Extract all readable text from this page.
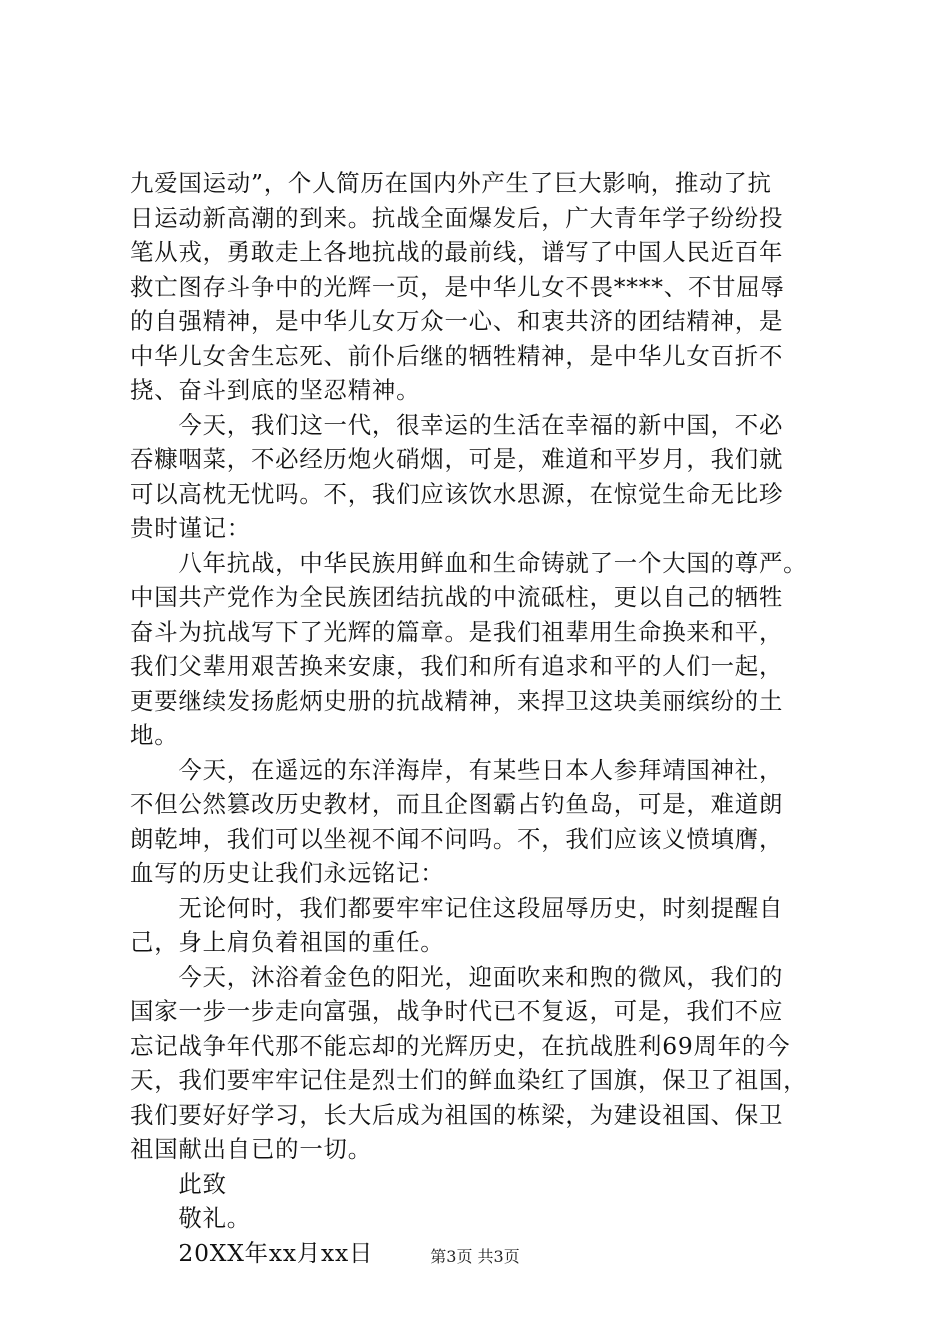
九爱国运动”，个人简历在国内外产生了巨大影响，推动了抗
日运动新高潮的到来。抗战全面爆发后，广大青年学子纷纷投
笔从戎，勇敢走上各地抗战的最前线，谱写了中国人民近百年
救亡图存斗争中的光辉一页，是中华儿女不畏****、不甘屈辱
的自强精神，是中华儿女万众一心、和衷共济的团结精神，是
中华儿女舍生忘死、前仆后继的牺牲精神，是中华儿女百折不
挠、奋斗到底的坚忍精神。
　　今天，我们这一代，很幸运的生活在幸福的新中国，不必
吞糠咽菜，不必经历炮火硝烟，可是，难道和平岁月，我们就
可以高枕无忧吗。不，我们应该饮水思源，在惊觉生命无比珍
贵时谨记：
　　八年抗战，中华民族用鲜血和生命铸就了一个大国的尊严。
中国共产党作为全民族团结抗战的中流砥柱，更以自己的牺牲
奋斗为抗战写下了光辉的篇章。是我们祖辈用生命换来和平，
我们父辈用艰苦换来安康，我们和所有追求和平的人们一起，
更要继续发扬彪炳史册的抗战精神，来捍卫这块美丽缤纷的土
地。
　　今天，在遥远的东洋海岸，有某些日本人参拜靖国神社，
不但公然篡改历史教材，而且企图霸占钓鱼岛，可是，难道朗
朗乾坤，我们可以坐视不闻不问吗。不，我们应该义愤填膺，
血写的历史让我们永远铭记：
　　无论何时，我们都要牢牢记住这段屈辱历史，时刻提醒自
己，身上肩负着祖国的重任。
　　今天，沐浴着金色的阳光，迎面吹来和煦的微风，我们的
国家一步一步走向富强，战争时代已不复返，可是，我们不应
忘记战争年代那不能忘却的光辉历史，在抗战胜利69周年的今
天，我们要牢牢记住是烈士们的鲜血染红了国旗，保卫了祖国，
我们要好好学习，长大后成为祖国的栋梁，为建设祖国、保卫
祖国献出自已的一切。
　　此致
　　敬礼。
　　20XX年xx月xx日	第3页 共3页
